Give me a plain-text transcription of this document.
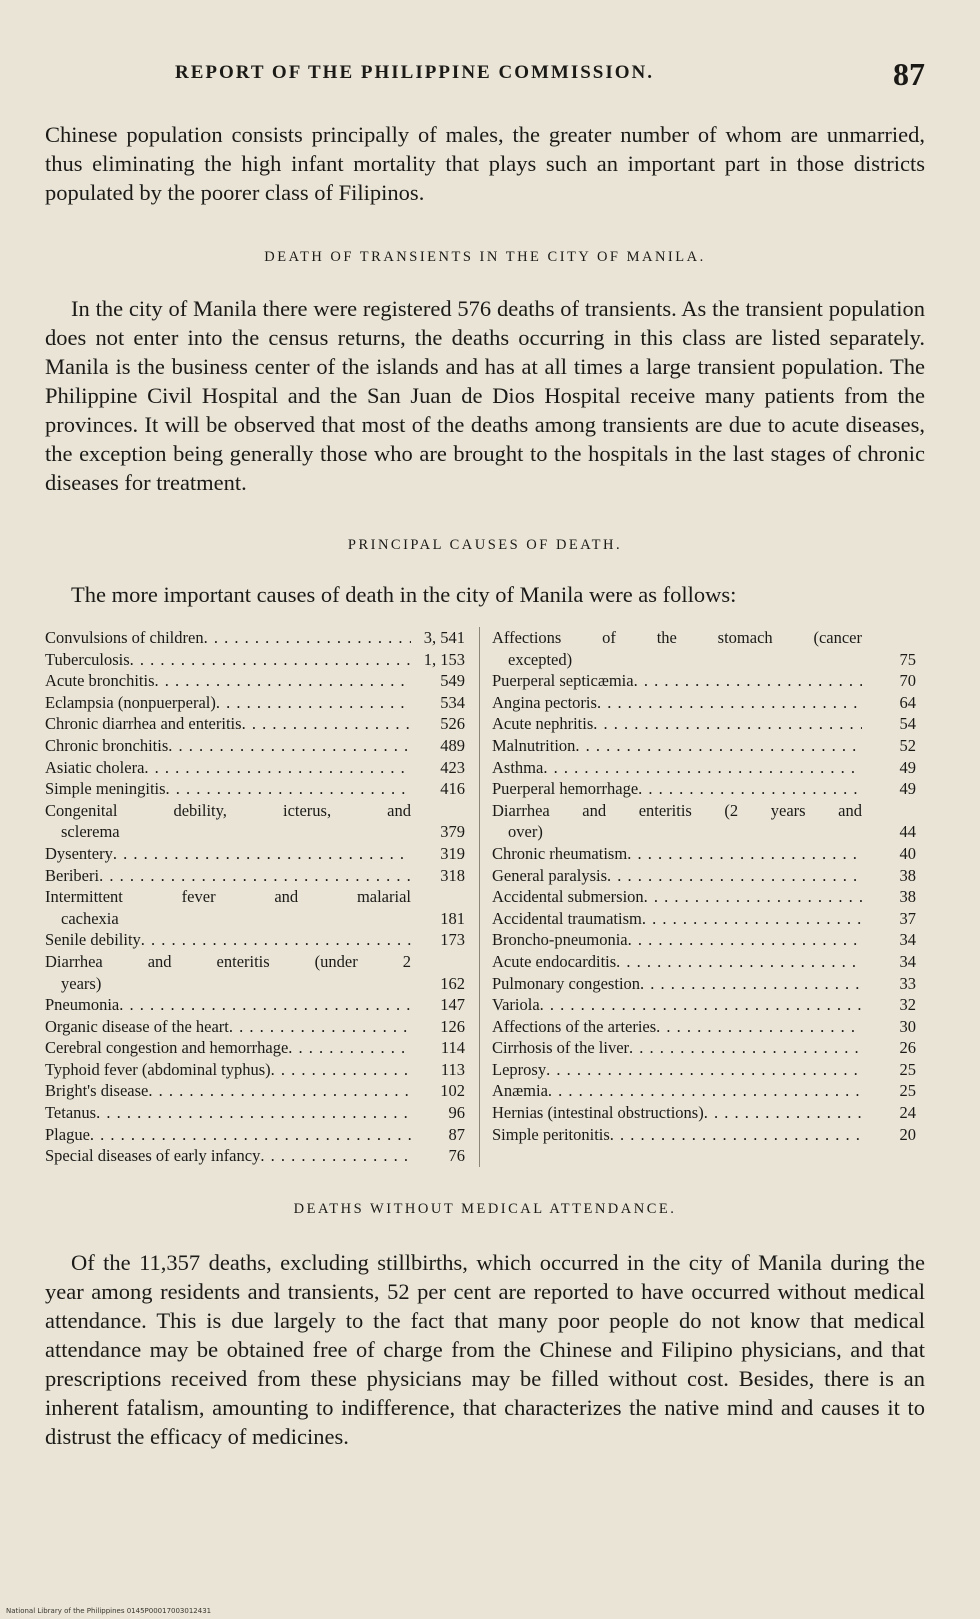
REPORT OF THE PHILIPPINE COMMISSION.	87

Chinese population consists principally of males, the greater number of whom are unmarried, thus eliminating the high infant mortality that plays such an important part in those districts populated by the poorer class of Filipinos.

DEATH OF TRANSIENTS IN THE CITY OF MANILA.

In the city of Manila there were registered 576 deaths of transients. As the transient population does not enter into the census returns, the deaths occurring in this class are listed separately. Manila is the business center of the islands and has at all times a large transient population. The Philippine Civil Hospital and the San Juan de Dios Hospital receive many patients from the provinces. It will be observed that most of the deaths among transients are due to acute diseases, the exception being generally those who are brought to the hospitals in the last stages of chronic diseases for treatment.

PRINCIPAL CAUSES OF DEATH.

The more important causes of death in the city of Manila were as follows:

Convulsions of children . . .	3, 541
Tuberculosis . . .	1, 153
Acute bronchitis . . .	549
Eclampsia (nonpuerperal) . . .	534
Chronic diarrhea and enteritis . . .	526
Chronic bronchitis . . .	489
Asiatic cholera . . .	423
Simple meningitis . . .	416
Congenital debility, icterus, and
sclerema
. . .	379
Dysentery . . .	319
Beriberi . . .	318
Intermittent fever and malarial
cachexia
. . .	181
Senile debility . . .	173
Diarrhea and enteritis (under 2
years)
. . .	162
Pneumonia . . .	147
Organic disease of the heart . . .	126
Cerebral congestion and hemorrhage . . .	114
Typhoid fever (abdominal typhus) . . .	113
Bright's disease . . .	102
Tetanus . . .	96
Plague . . .	87
Special diseases of early infancy . . .	76
Affections of the stomach (cancer
excepted)
. . .	75
Puerperal septicæmia . . .	70
Angina pectoris . . .	64
Acute nephritis . . .	54
Malnutrition . . .	52
Asthma . . .	49
Puerperal hemorrhage . . .	49
Diarrhea and enteritis (2 years and
over)
. . .	44
Chronic rheumatism . . .	40
General paralysis . . .	38
Accidental submersion . . .	38
Accidental traumatism . . .	37
Broncho-pneumonia . . .	34
Acute endocarditis . . .	34
Pulmonary congestion . . .	33
Variola . . .	32
Affections of the arteries . . .	30
Cirrhosis of the liver . . .	26
Leprosy . . .	25
Anæmia . . .	25
Hernias (intestinal obstructions) . . .	24
Simple peritonitis . . .	20
DEATHS WITHOUT MEDICAL ATTENDANCE.

Of the 11,357 deaths, excluding stillbirths, which occurred in the city of Manila during the year among residents and transients, 52 per cent are reported to have occurred without medical attendance. This is due largely to the fact that many poor people do not know that medical attendance may be obtained free of charge from the Chinese and Filipino physicians, and that prescriptions received from these physicians may be filled without cost. Besides, there is an inherent fatalism, amounting to indifference, that characterizes the native mind and causes it to distrust the efficacy of medicines.

National Library of the Philippines 0145P00017003012431
